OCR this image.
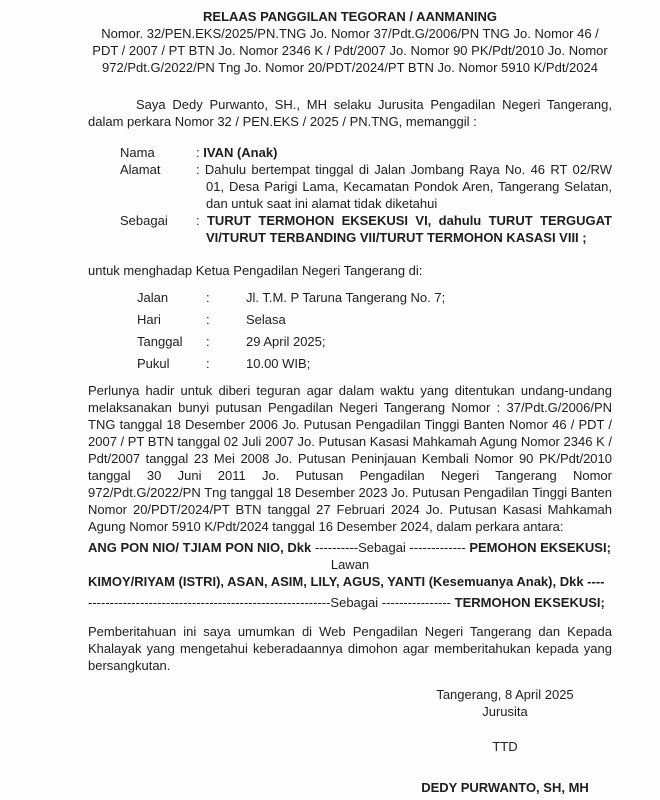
RELAAS PANGGILAN TEGORAN / AANMANING
Nomor. 32/PEN.EKS/2025/PN.TNG Jo. Nomor 37/Pdt.G/2006/PN TNG Jo. Nomor 46 / PDT / 2007 / PT BTN Jo. Nomor 2346 K / Pdt/2007 Jo. Nomor 90 PK/Pdt/2010 Jo. Nomor 972/Pdt.G/2022/PN Tng Jo. Nomor 20/PDT/2024/PT BTN Jo. Nomor 5910 K/Pdt/2024
Saya Dedy Purwanto, SH., MH selaku Jurusita Pengadilan Negeri Tangerang, dalam perkara Nomor 32 / PEN.EKS / 2025 / PN.TNG, memanggil :
Nama	: IVAN (Anak)
Alamat	: Dahulu bertempat tinggal di Jalan Jombang Raya No. 46 RT 02/RW 01, Desa Parigi Lama, Kecamatan Pondok Aren, Tangerang Selatan, dan untuk saat ini alamat tidak diketahui
Sebagai	: TURUT TERMOHON EKSEKUSI VI, dahulu TURUT TERGUGAT VI/TURUT TERBANDING VII/TURUT TERMOHON KASASI VIII ;
untuk menghadap Ketua Pengadilan Negeri Tangerang di:
Jalan	:	Jl. T.M. P Taruna Tangerang No. 7;
Hari	:	Selasa
Tanggal	:	29 April 2025;
Pukul	:	10.00 WIB;
Perlunya hadir untuk diberi teguran agar dalam waktu yang ditentukan undang-undang melaksanakan bunyi putusan Pengadilan Negeri Tangerang Nomor : 37/Pdt.G/2006/PN TNG tanggal 18 Desember 2006 Jo. Putusan Pengadilan Tinggi Banten Nomor 46 / PDT / 2007 / PT BTN tanggal 02 Juli 2007 Jo. Putusan Kasasi Mahkamah Agung Nomor 2346 K / Pdt/2007 tanggal 23 Mei 2008 Jo. Putusan Peninjauan Kembali Nomor 90 PK/Pdt/2010 tanggal 30 Juni 2011 Jo. Putusan Pengadilan Negeri Tangerang Nomor 972/Pdt.G/2022/PN Tng tanggal 18 Desember 2023 Jo. Putusan Pengadilan Tinggi Banten Nomor 20/PDT/2024/PT BTN tanggal 27 Februari 2024 Jo. Putusan Kasasi Mahkamah Agung Nomor 5910 K/Pdt/2024 tanggal 16 Desember 2024, dalam perkara antara:
ANG PON NIO/ TJIAM PON NIO, Dkk ----------Sebagai ------------- PEMOHON EKSEKUSI;
Lawan
KIMOY/RIYAM (ISTRI), ASAN, ASIM, LILY, AGUS, YANTI (Kesemuanya Anak), Dkk ----
--------------------------------------------------------Sebagai ---------------- TERMOHON EKSEKUSI;
Pemberitahuan ini saya umumkan di Web Pengadilan Negeri Tangerang dan Kepada Khalayak yang mengetahui keberadaannya dimohon agar memberitahukan kepada yang bersangkutan.
Tangerang, 8 April 2025
Jurusita
TTD
DEDY PURWANTO, SH, MH
